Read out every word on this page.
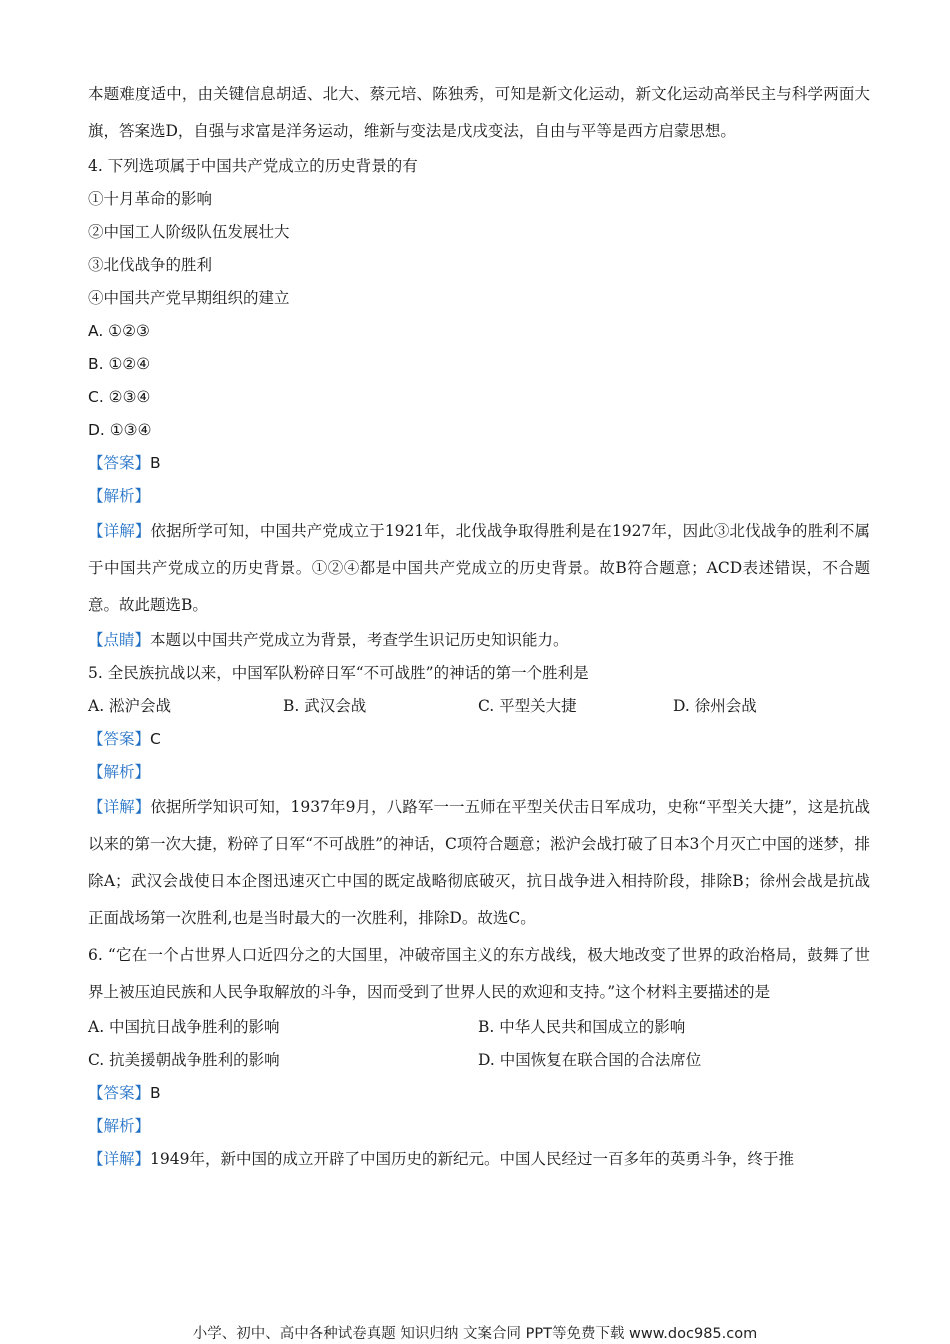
本题难度适中，由关键信息胡适、北大、蔡元培、陈独秀，可知是新文化运动，新文化运动高举民主与科学两面大旗，答案选D，自强与求富是洋务运动，维新与变法是戊戌变法，自由与平等是西方启蒙思想。
4. 下列选项属于中国共产党成立的历史背景的有
①十月革命的影响
②中国工人阶级队伍发展壮大
③北伐战争的胜利
④中国共产党早期组织的建立
A. ①②③
B. ①②④
C. ②③④
D. ①③④
【答案】B
【解析】
【详解】依据所学可知，中国共产党成立于1921年，北伐战争取得胜利是在1927年，因此③北伐战争的胜利不属于中国共产党成立的历史背景。①②④都是中国共产党成立的历史背景。故B符合题意；ACD表述错误，不合题意。故此题选B。
【点睛】本题以中国共产党成立为背景，考查学生识记历史知识能力。
5. 全民族抗战以来，中国军队粉碎日军“不可战胜”的神话的第一个胜利是
A. 淞沪会战	B. 武汉会战	C. 平型关大捷	D. 徐州会战
【答案】C
【解析】
【详解】依据所学知识可知，1937年9月，八路军一一五师在平型关伏击日军成功，史称“平型关大捷”，这是抗战以来的第一次大捷，粉碎了日军“不可战胜”的神话，C项符合题意；淞沪会战打破了日本3个月灭亡中国的迷梦，排除A；武汉会战使日本企图迅速灭亡中国的既定战略彻底破灭，抗日战争进入相持阶段，排除B；徐州会战是抗战正面战场第一次胜利,也是当时最大的一次胜利，排除D。故选C。
6. “它在一个占世界人口近四分之的大国里，冲破帝国主义的东方战线，极大地改变了世界的政治格局，鼓舞了世界上被压迫民族和人民争取解放的斗争，因而受到了世界人民的欢迎和支持。”这个材料主要描述的是
A. 中国抗日战争胜利的影响	B. 中华人民共和国成立的影响
C. 抗美援朝战争胜利的影响	D. 中国恢复在联合国的合法席位
【答案】B
【解析】
【详解】1949年，新中国的成立开辟了中国历史的新纪元。中国人民经过一百多年的英勇斗争，终于推
小学、初中、高中各种试卷真题 知识归纳 文案合同 PPT等免费下载 www.doc985.com
